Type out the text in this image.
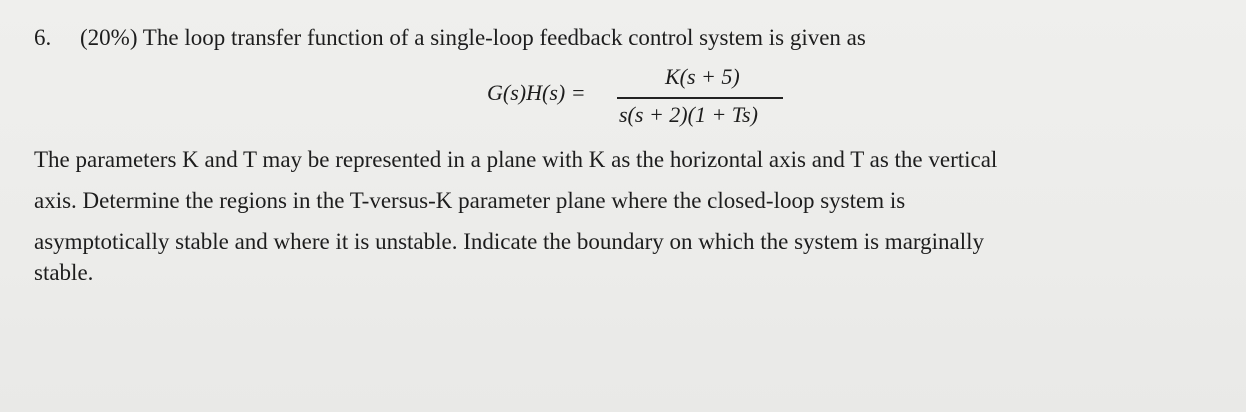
6. (20%) The loop transfer function of a single-loop feedback control system is given as
G(s)H(s) =
K(s + 5)
s(s + 2)(1 + Ts)
The parameters K and T may be represented in a plane with K as the horizontal axis and T as the vertical
axis. Determine the regions in the T-versus-K parameter plane where the closed-loop system is
asymptotically stable and where it is unstable. Indicate the boundary on which the system is marginally
stable.
